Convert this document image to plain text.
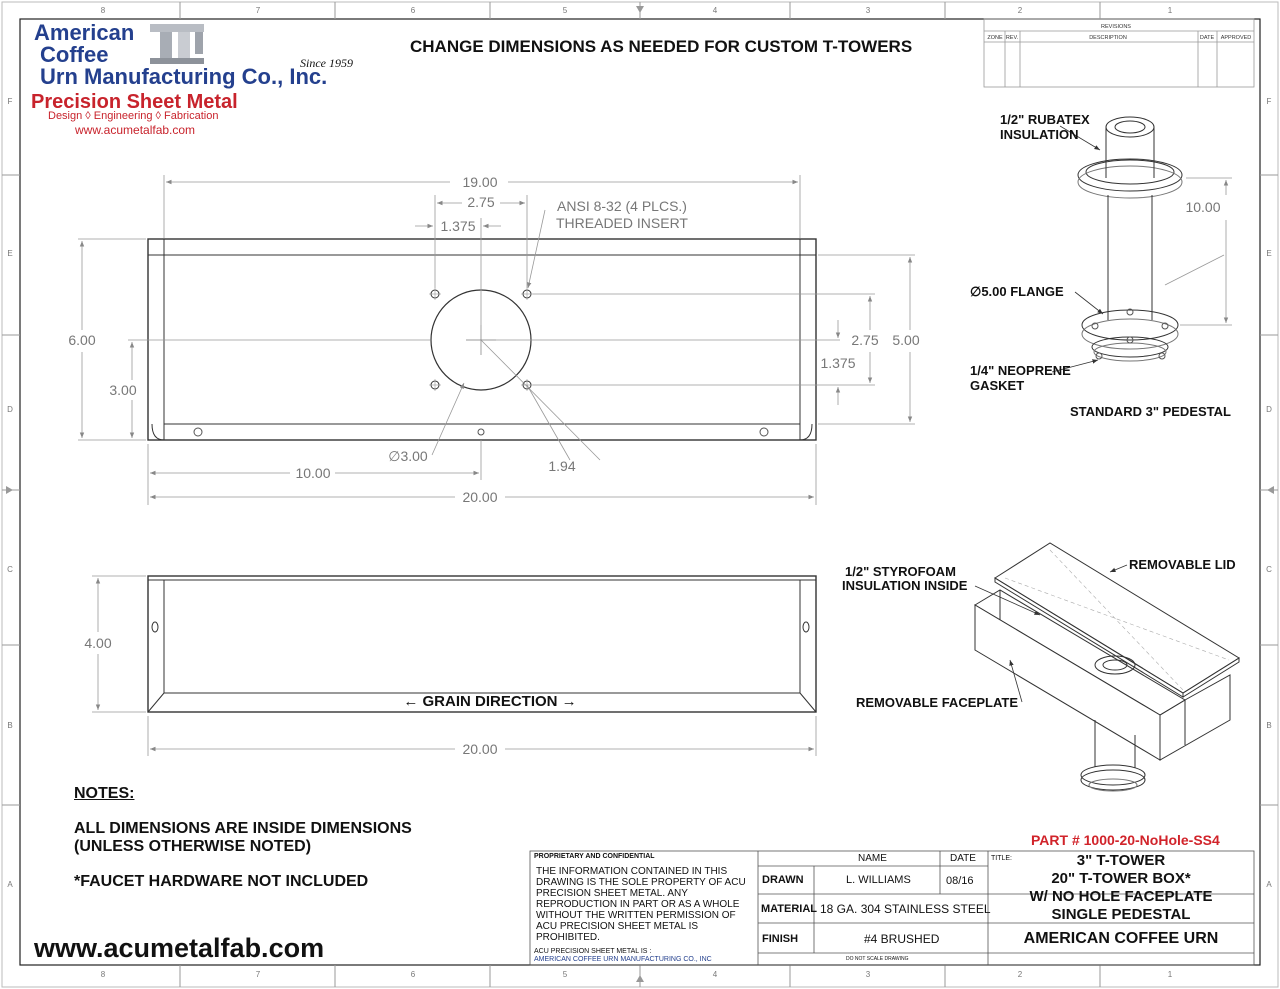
8	7	6	5	4	3	2	1
8	7	6	5	4	3	2	1
F
E
D
C
B
A
F
E
D
C
B
A
REVISIONS
ZONE REV.	DESCRIPTION	DATE APPROVED
19.00
2.75
1.375
6.00
3.00
2.75 5.00
1.375
∅3.00
1.94
10.00
20.00
ANSI 8-32 (4 PLCS.)
THREADED INSERT
4.00
20.00
← GRAIN DIRECTION →
10.00
American
Coffee
Urn Manufacturing Co., Inc.
Since 1959
Precision Sheet Metal
Design ◊ Engineering ◊ Fabrication
www.acumetalfab.com
CHANGE DIMENSIONS AS NEEDED FOR CUSTOM T-TOWERS
1/2" RUBATEX
INSULATION
∅5.00 FLANGE
1/4" NEOPRENE
GASKET
STANDARD 3" PEDESTAL
1/2" STYROFOAM
INSULATION INSIDE
REMOVABLE LID
REMOVABLE FACEPLATE
NOTES:
ALL DIMENSIONS ARE INSIDE DIMENSIONS
(UNLESS OTHERWISE NOTED)
*FAUCET HARDWARE NOT INCLUDED
www.acumetalfab.com
PART # 1000-20-NoHole-SS4
PROPRIETARY AND CONFIDENTIAL
THE INFORMATION CONTAINED IN THIS DRAWING IS THE SOLE PROPERTY OF ACU PRECISION SHEET METAL. ANY REPRODUCTION IN PART OR AS A WHOLE WITHOUT THE WRITTEN PERMISSION OF ACU PRECISION SHEET METAL IS PROHIBITED.
ACU PRECISION SHEET METAL IS :
AMERICAN COFFEE URN MANUFACTURING CO., INC
NAME	DATE TITLE:
DRAWN	L. WILLIAMS	08/16
MATERIAL 18 GA. 304 STAINLESS STEEL
FINISH	#4 BRUSHED
DO NOT SCALE DRAWING
3" T-TOWER
20" T-TOWER BOX*
W/ NO HOLE FACEPLATE
SINGLE PEDESTAL
AMERICAN COFFEE URN
